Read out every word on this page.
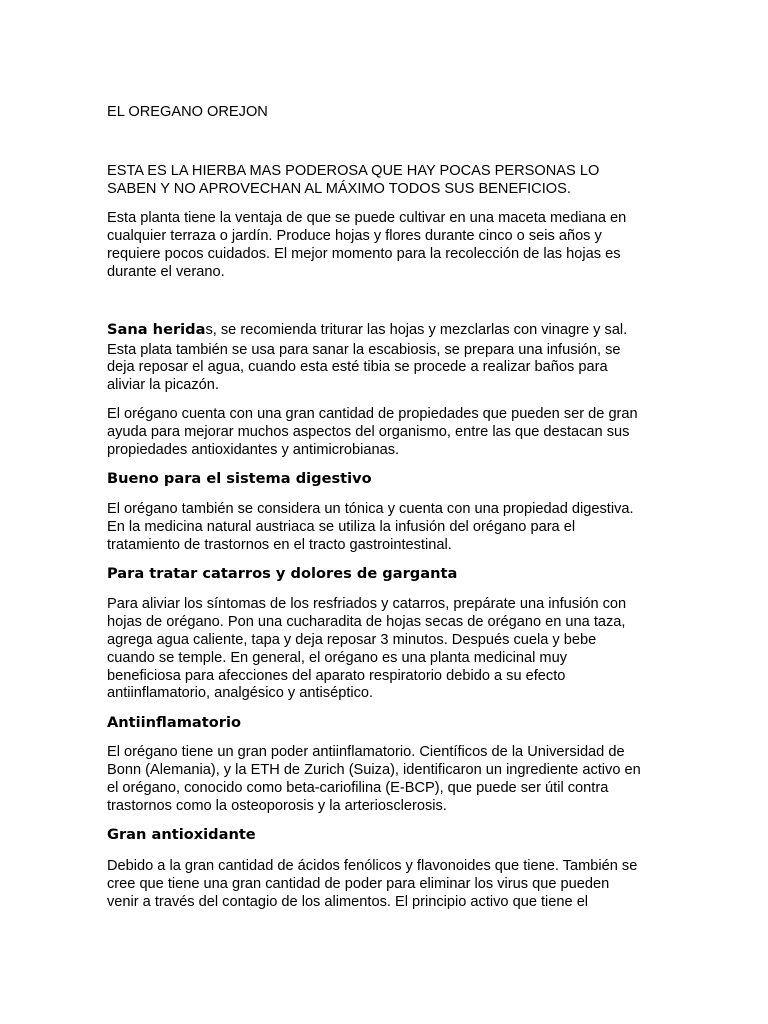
EL OREGANO OREJON
ESTA ES LA HIERBA MAS PODEROSA QUE HAY POCAS PERSONAS LO
SABEN Y NO APROVECHAN AL MÁXIMO TODOS SUS BENEFICIOS.
Esta planta tiene la ventaja de que se puede cultivar en una maceta mediana en
cualquier terraza o jardín. Produce hojas y flores durante cinco o seis años y
requiere pocos cuidados. El mejor momento para la recolección de las hojas es
durante el verano.
Sana heridas, se recomienda triturar las hojas y mezclarlas con vinagre y sal.
Esta plata también se usa para sanar la escabiosis, se prepara una infusión, se
deja reposar el agua, cuando esta esté tibia se procede a realizar baños para
aliviar la picazón.
El orégano cuenta con una gran cantidad de propiedades que pueden ser de gran
ayuda para mejorar muchos aspectos del organismo, entre las que destacan sus
propiedades antioxidantes y antimicrobianas.
Bueno para el sistema digestivo
El orégano también se considera un tónica y cuenta con una propiedad digestiva.
En la medicina natural austriaca se utiliza la infusión del orégano para el
tratamiento de trastornos en el tracto gastrointestinal.
Para tratar catarros y dolores de garganta
Para aliviar los síntomas de los resfriados y catarros, prepárate una infusión con
hojas de orégano. Pon una cucharadita de hojas secas de orégano en una taza,
agrega agua caliente, tapa y deja reposar 3 minutos. Después cuela y bebe
cuando se temple. En general, el orégano es una planta medicinal muy
beneficiosa para afecciones del aparato respiratorio debido a su efecto
antiinflamatorio, analgésico y antiséptico.
Antiinflamatorio
El orégano tiene un gran poder antiinflamatorio. Científicos de la Universidad de
Bonn (Alemania), y la ETH de Zurich (Suiza), identificaron un ingrediente activo en
el orégano, conocido como beta-cariofilina (E-BCP), que puede ser útil contra
trastornos como la osteoporosis y la arteriosclerosis.
Gran antioxidante
Debido a la gran cantidad de ácidos fenólicos y flavonoides que tiene. También se
cree que tiene una gran cantidad de poder para eliminar los virus que pueden
venir a través del contagio de los alimentos. El principio activo que tiene el
